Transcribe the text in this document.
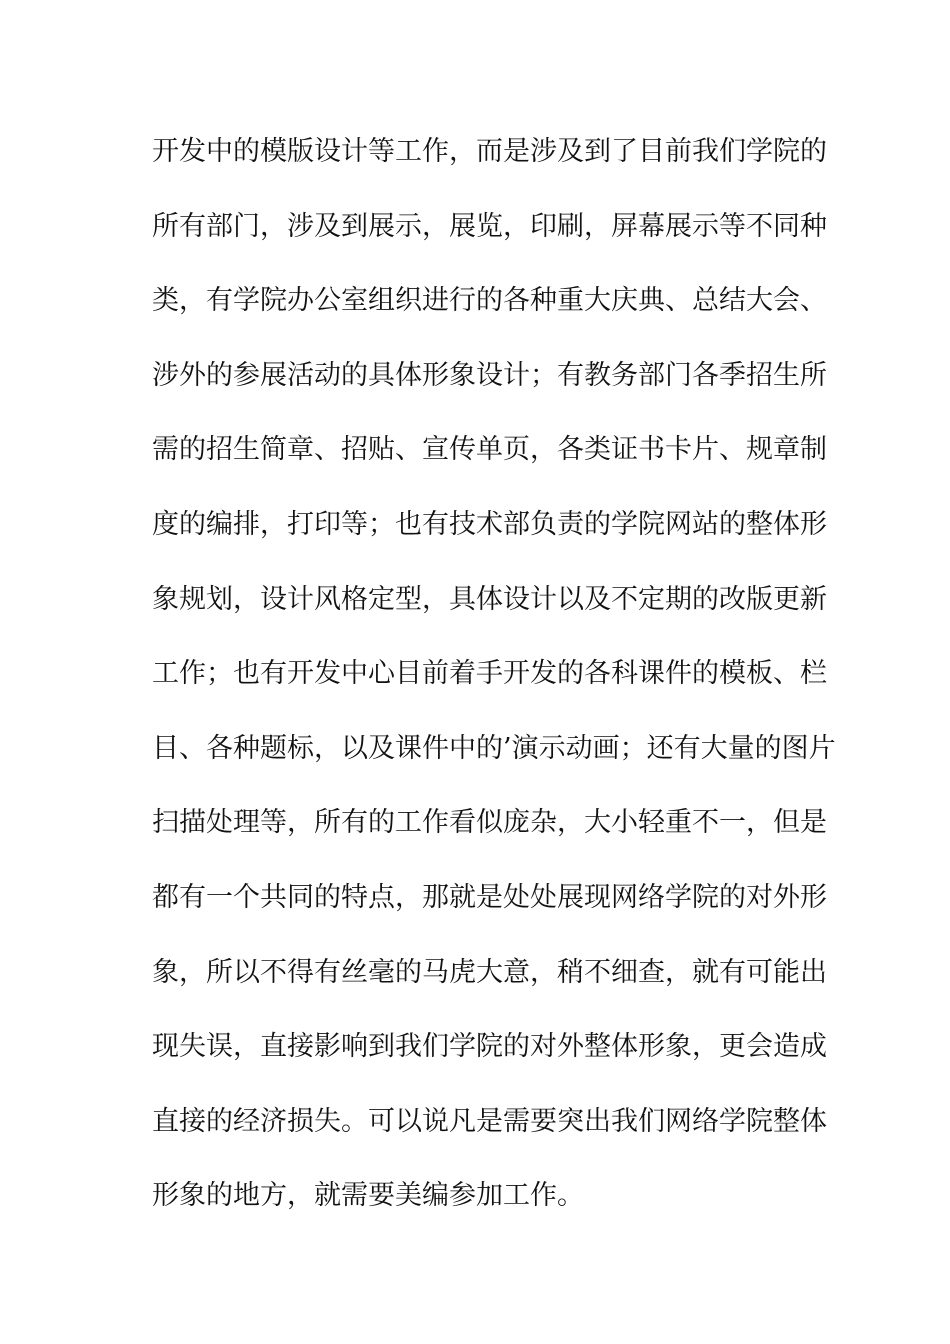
开发中的模版设计等工作，而是涉及到了目前我们学院的
所有部门，涉及到展示，展览，印刷，屏幕展示等不同种
类，有学院办公室组织进行的各种重大庆典、总结大会、
涉外的参展活动的具体形象设计；有教务部门各季招生所
需的招生简章、招贴、宣传单页，各类证书卡片、规章制
度的编排，打印等；也有技术部负责的学院网站的整体形
象规划，设计风格定型，具体设计以及不定期的改版更新
工作；也有开发中心目前着手开发的各科课件的模板、栏
目、各种题标，以及课件中的’演示动画；还有大量的图片
扫描处理等，所有的工作看似庞杂，大小轻重不一，但是
都有一个共同的特点，那就是处处展现网络学院的对外形
象，所以不得有丝毫的马虎大意，稍不细查，就有可能出
现失误，直接影响到我们学院的对外整体形象，更会造成
直接的经济损失。可以说凡是需要突出我们网络学院整体
形象的地方，就需要美编参加工作。
